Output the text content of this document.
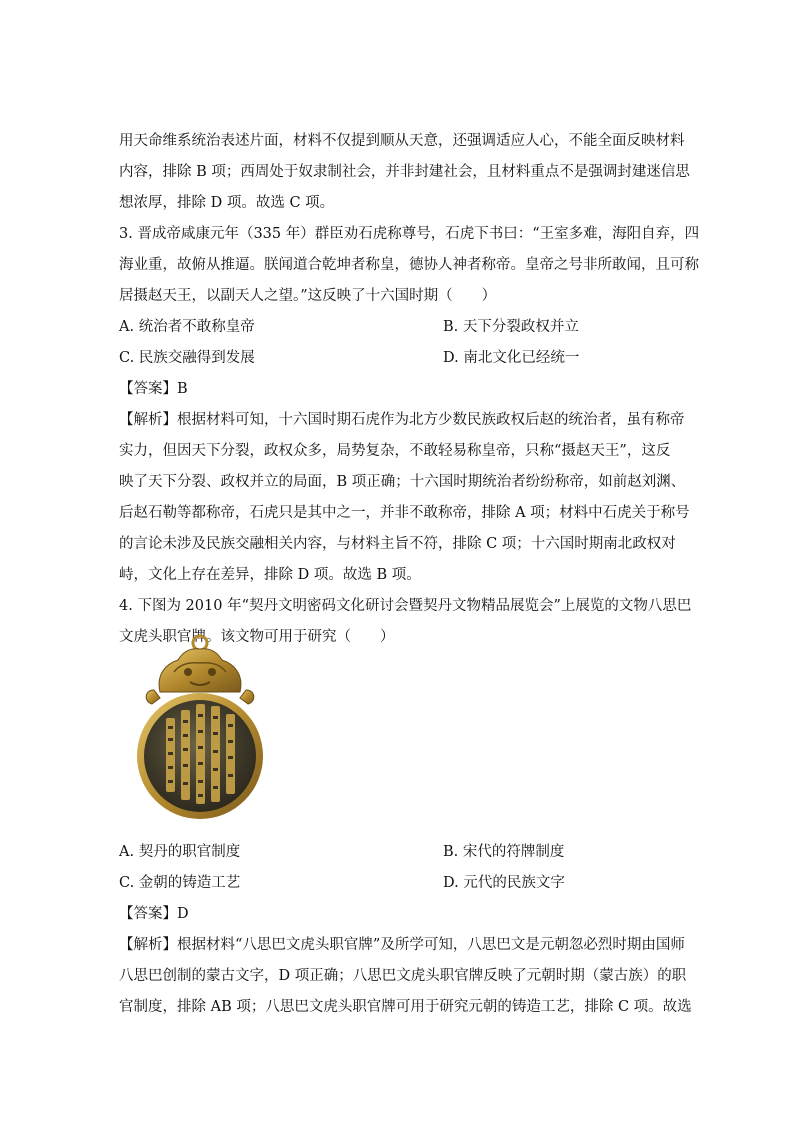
用天命维系统治表述片面，材料不仅提到顺从天意，还强调适应人心，不能全面反映材料
内容，排除 B 项；西周处于奴隶制社会，并非封建社会，且材料重点不是强调封建迷信思
想浓厚，排除 D 项。故选 C 项。
3. 晋成帝咸康元年（335 年）群臣劝石虎称尊号，石虎下书曰：“王室多难，海阳自弃，四
海业重，故俯从推逼。朕闻道合乾坤者称皇，德协人神者称帝。皇帝之号非所敢闻，且可称
居摄赵天王，以副天人之望。”这反映了十六国时期（　　）
A. 统治者不敢称皇帝	B. 天下分裂政权并立
C. 民族交融得到发展	D. 南北文化已经统一
【答案】B
【解析】根据材料可知，十六国时期石虎作为北方少数民族政权后赵的统治者，虽有称帝
实力，但因天下分裂，政权众多，局势复杂，不敢轻易称皇帝，只称“摄赵天王”，这反
映了天下分裂、政权并立的局面，B 项正确；十六国时期统治者纷纷称帝，如前赵刘渊、
后赵石勒等都称帝，石虎只是其中之一，并非不敢称帝，排除 A 项；材料中石虎关于称号
的言论未涉及民族交融相关内容，与材料主旨不符，排除 C 项；十六国时期南北政权对
峙，文化上存在差异，排除 D 项。故选 B 项。
4. 下图为 2010 年“契丹文明密码文化研讨会暨契丹文物精品展览会”上展览的文物八思巴
文虎头职官牌。该文物可用于研究（　　）
A. 契丹的职官制度	B. 宋代的符牌制度
C. 金朝的铸造工艺	D. 元代的民族文字
【答案】D
【解析】根据材料“八思巴文虎头职官牌”及所学可知，八思巴文是元朝忽必烈时期由国师
八思巴创制的蒙古文字，D 项正确；八思巴文虎头职官牌反映了元朝时期（蒙古族）的职
官制度，排除 AB 项；八思巴文虎头职官牌可用于研究元朝的铸造工艺，排除 C 项。故选
